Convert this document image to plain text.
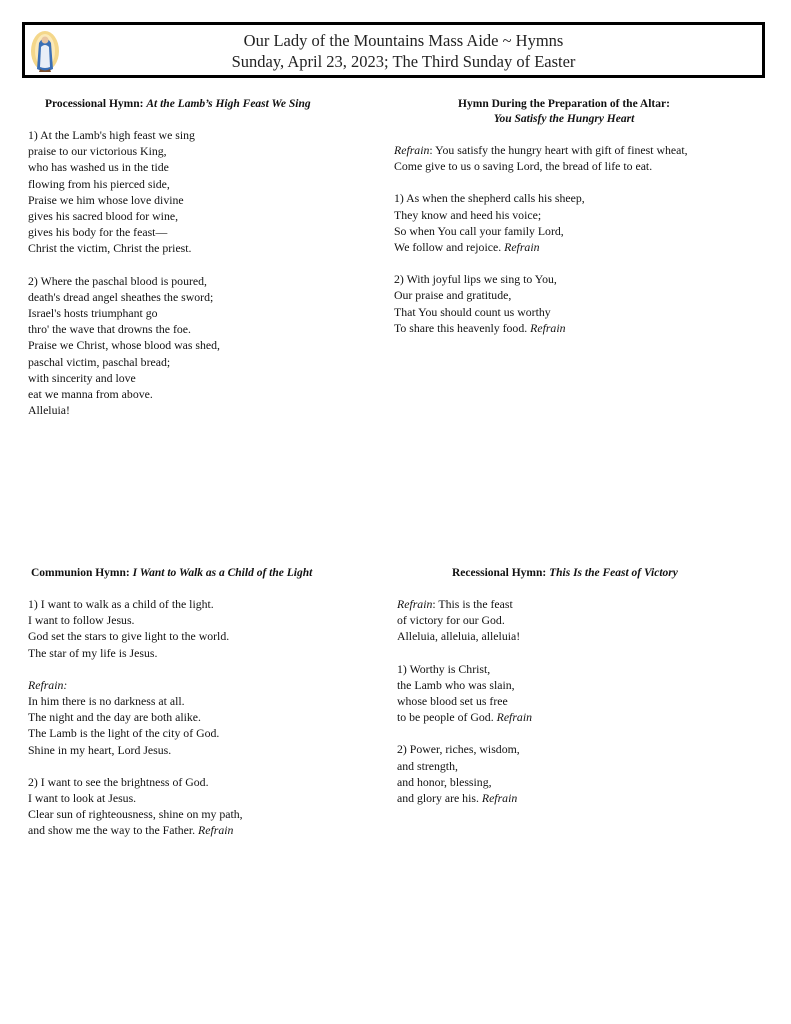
Our Lady of the Mountains Mass Aide ~ Hymns
Sunday, April 23, 2023; The Third Sunday of Easter
Processional Hymn: At the Lamb’s High Feast We Sing
1) At the Lamb's high feast we sing
praise to our victorious King,
who has washed us in the tide
flowing from his pierced side,
Praise we him whose love divine
gives his sacred blood for wine,
gives his body for the feast—
Christ the victim, Christ the priest.
2) Where the paschal blood is poured,
death's dread angel sheathes the sword;
Israel's hosts triumphant go
thro' the wave that drowns the foe.
Praise we Christ, whose blood was shed,
paschal victim, paschal bread;
with sincerity and love
eat we manna from above.
Alleluia!
Hymn During the Preparation of the Altar:
You Satisfy the Hungry Heart
Refrain: You satisfy the hungry heart with gift of finest wheat,
Come give to us o saving Lord, the bread of life to eat.
1) As when the shepherd calls his sheep,
They know and heed his voice;
So when You call your family Lord,
We follow and rejoice. Refrain
2) With joyful lips we sing to You,
Our praise and gratitude,
That You should count us worthy
To share this heavenly food. Refrain
Communion Hymn: I Want to Walk as a Child of the Light
1) I want to walk as a child of the light.
I want to follow Jesus.
God set the stars to give light to the world.
The star of my life is Jesus.
Refrain:
In him there is no darkness at all.
The night and the day are both alike.
The Lamb is the light of the city of God.
Shine in my heart, Lord Jesus.
2) I want to see the brightness of God.
I want to look at Jesus.
Clear sun of righteousness, shine on my path,
and show me the way to the Father. Refrain
Recessional Hymn: This Is the Feast of Victory
Refrain: This is the feast
of victory for our God.
Alleluia, alleluia, alleluia!
1) Worthy is Christ,
the Lamb who was slain,
whose blood set us free
to be people of God. Refrain
2) Power, riches, wisdom,
and strength,
and honor, blessing,
and glory are his. Refrain
